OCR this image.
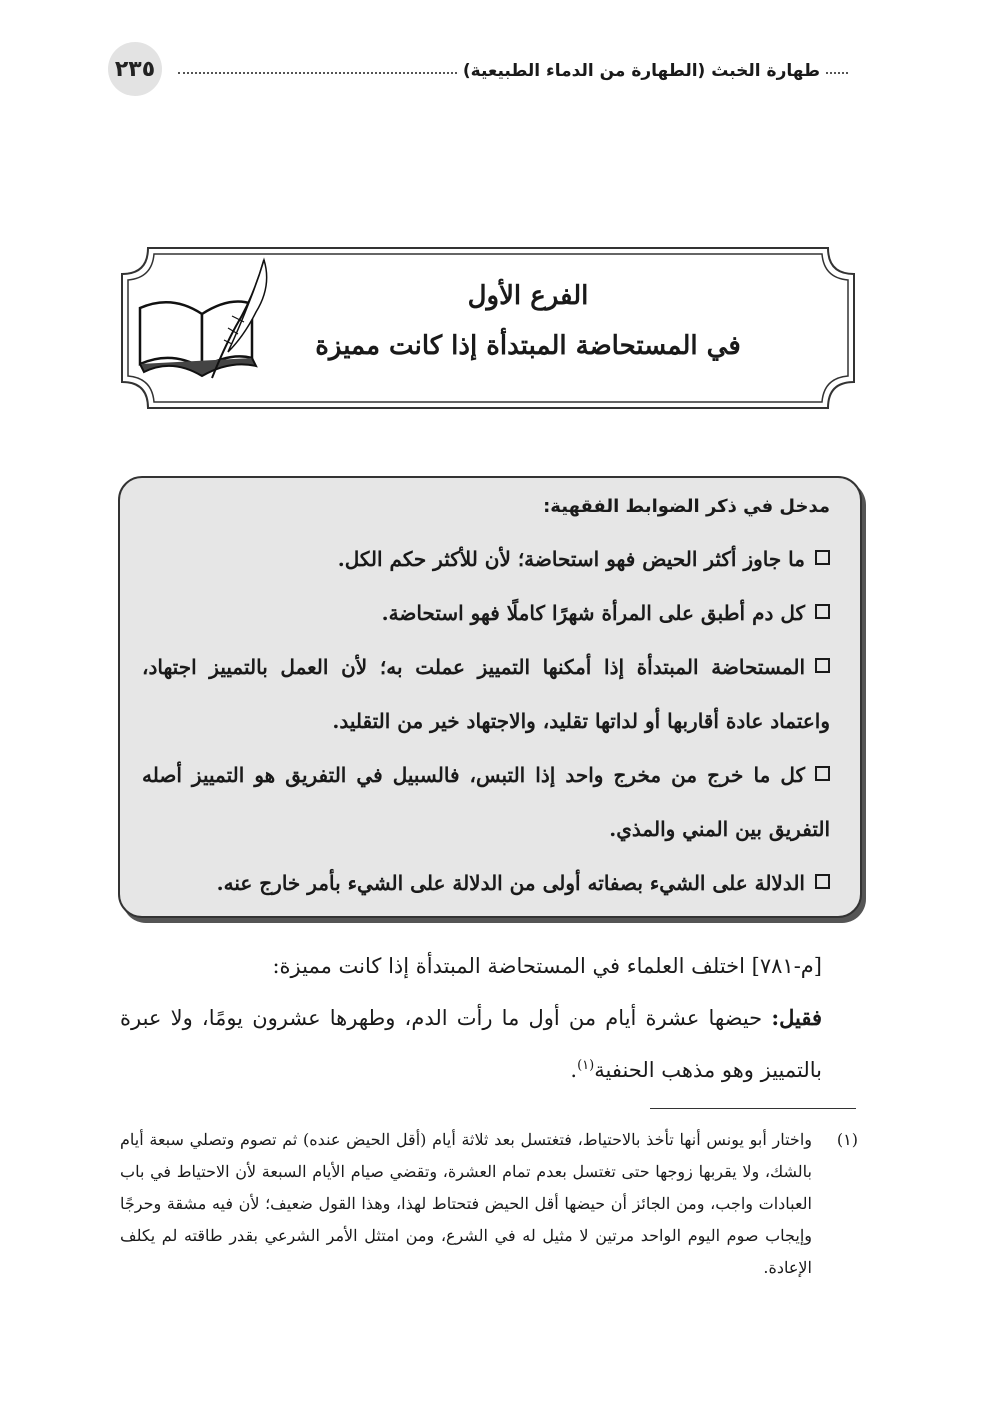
٢٣٥	طهارة الخبث (الطهارة من الدماء الطبيعية)
الفرع الأول
في المستحاضة المبتدأة إذا كانت مميزة
مدخل في ذكر الضوابط الفقهية:
ما جاوز أكثر الحيض فهو استحاضة؛ لأن للأكثر حكم الكل.
كل دم أطبق على المرأة شهرًا كاملًا فهو استحاضة.
المستحاضة المبتدأة إذا أمكنها التمييز عملت به؛ لأن العمل بالتمييز اجتهاد، واعتماد عادة أقاربها أو لداتها تقليد، والاجتهاد خير من التقليد.
كل ما خرج من مخرج واحد إذا التبس، فالسبيل في التفريق هو التمييز أصله التفريق بين المني والمذي.
الدلالة على الشيء بصفاته أولى من الدلالة على الشيء بأمر خارج عنه.

[م-٧٨١] اختلف العلماء في المستحاضة المبتدأة إذا كانت مميزة:

فقيل: حيضها عشرة أيام من أول ما رأت الدم، وطهرها عشرون يومًا، ولا عبرة بالتمييز وهو مذهب الحنفية$^{(١)}$.

(١)
واختار أبو يونس أنها تأخذ بالاحتياط، فتغتسل بعد ثلاثة أيام (أقل الحيض عنده) ثم تصوم وتصلي سبعة أيام بالشك، ولا يقربها زوجها حتى تغتسل بعدم تمام العشرة، وتقضي صيام الأيام السبعة لأن الاحتياط في باب العبادات واجب، ومن الجائز أن حيضها أقل الحيض فتحتاط لهذا، وهذا القول ضعيف؛ لأن فيه مشقة وحرجًا وإيجاب صوم اليوم الواحد مرتين لا مثيل له في الشرع، ومن امتثل الأمر الشرعي بقدر طاقته لم يكلف الإعادة.
